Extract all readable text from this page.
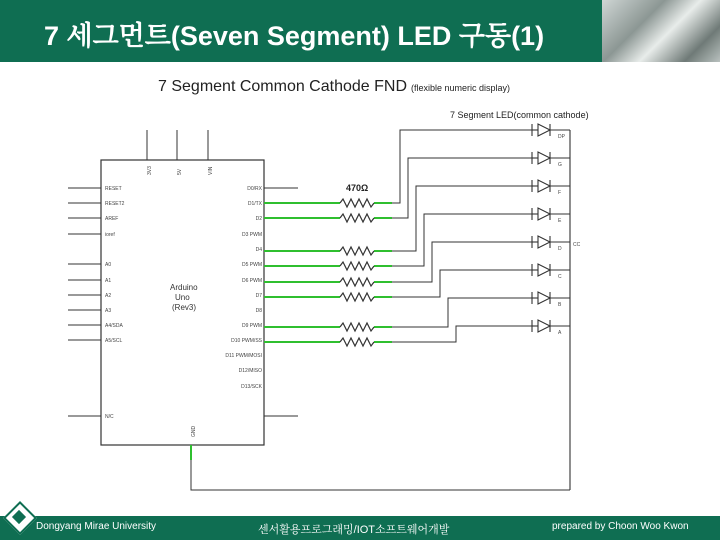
7 세그먼트(Seven Segment) LED 구동(1)
7 Segment Common Cathode FND (flexible numeric display)
7 Segment LED(common cathode)
Arduino
Uno
(Rev3)
3V3	5V	VIN
GND
RESET
RESET2
AREF
ioref
A0
A1
A2
A3
A4/SDA
A5/SCL
N/C
D0/RX
D1/TX
D2
D3 PWM
D4
D5 PWM
D6 PWM
D7
D8
D9 PWM
D10 PWM/SS
D11 PWM/MOSI
D12/MISO
D13/SCK
470Ω
DP
G
F
E
D
C
B
A
CC
Dongyang Mirae University	센서활용프로그래밍/IOT소프트웨어개발	prepared by Choon Woo Kwon
